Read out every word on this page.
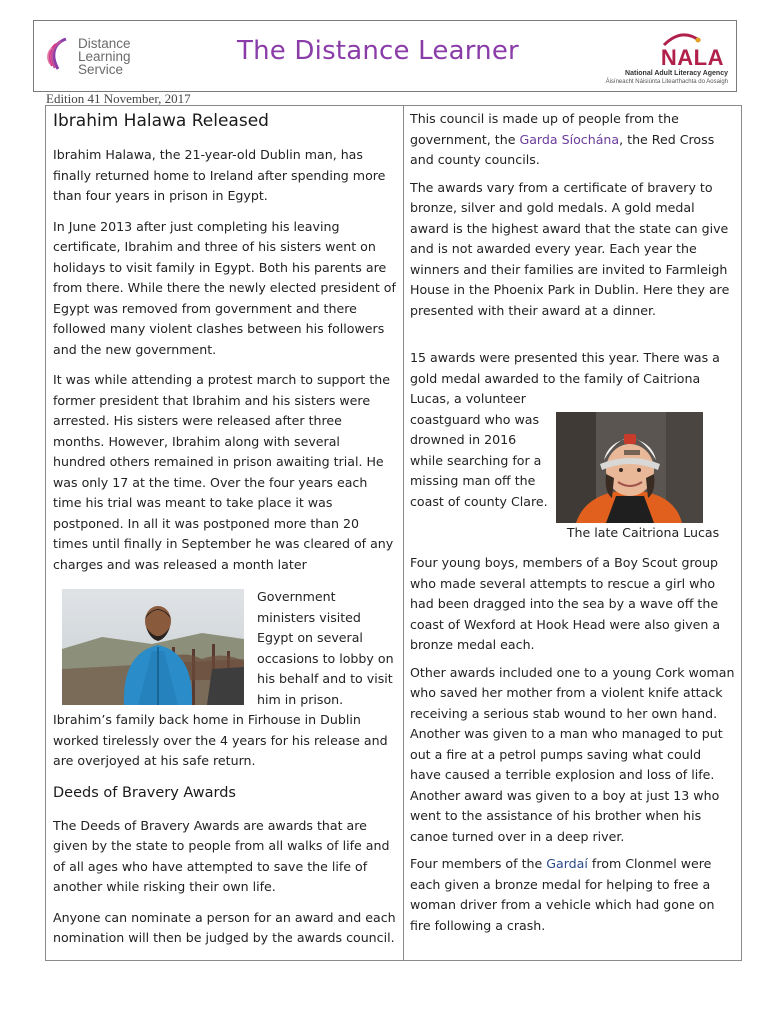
Distance
Learning
Service
The Distance Learner	NALA
National Adult Literacy Agency
Áisíneacht Náisiúnta Litearthachta do Aosaigh
Edition 41 November, 2017
Ibrahim Halawa Released

Ibrahim Halawa, the 21-year-old Dublin man, has finally returned home to Ireland after spending more than four years in prison in Egypt.

In June 2013 after just completing his leaving certificate, Ibrahim and three of his sisters went on holidays to visit family in Egypt. Both his parents are from there. While there the newly elected president of Egypt was removed from government and there followed many violent clashes between his followers and the new government.

It was while attending a protest march to support the former president that Ibrahim and his sisters were arrested. His sisters were released after three months. However, Ibrahim along with several hundred others remained in prison awaiting trial. He was only 17 at the time. Over the four years each time his trial was meant to take place it was postponed. In all it was postponed more than 20 times until finally in September he was cleared of any charges and was released a month later

Government ministers visited Egypt on several occasions to lobby on his behalf and to visit him in prison.

Ibrahim’s family back home in Firhouse in Dublin worked tirelessly over the 4 years for his release and are overjoyed at his safe return.

Deeds of Bravery Awards

The Deeds of Bravery Awards are awards that are given by the state to people from all walks of life and of all ages who have attempted to save the life of another while risking their own life.

Anyone can nominate a person for an award and each nomination will then be judged by the awards council.

This council is made up of people from the government, the Garda Síochána, the Red Cross and county councils.

The awards vary from a certificate of bravery to bronze, silver and gold medals. A gold medal award is the highest award that the state can give and is not awarded every year. Each year the winners and their families are invited to Farmleigh House in the Phoenix Park in Dublin. Here they are presented with their award at a dinner.

15 awards were presented this year. There was a gold medal awarded to the family of Caitriona Lucas, a volunteer

coastguard who was drowned in 2016 while searching for a missing man off the coast of county Clare.

The late Caitriona Lucas

Four young boys, members of a Boy Scout group who made several attempts to rescue a girl who had been dragged into the sea by a wave off the coast of Wexford at Hook Head were also given a bronze medal each.

Other awards included one to a young Cork woman who saved her mother from a violent knife attack receiving a serious stab wound to her own hand. Another was given to a man who managed to put out a fire at a petrol pumps saving what could have caused a terrible explosion and loss of life. Another award was given to a boy at just 13 who went to the assistance of his brother when his canoe turned over in a deep river.

Four members of the Gardaí from Clonmel were each given a bronze medal for helping to free a woman driver from a vehicle which had gone on fire following a crash.
